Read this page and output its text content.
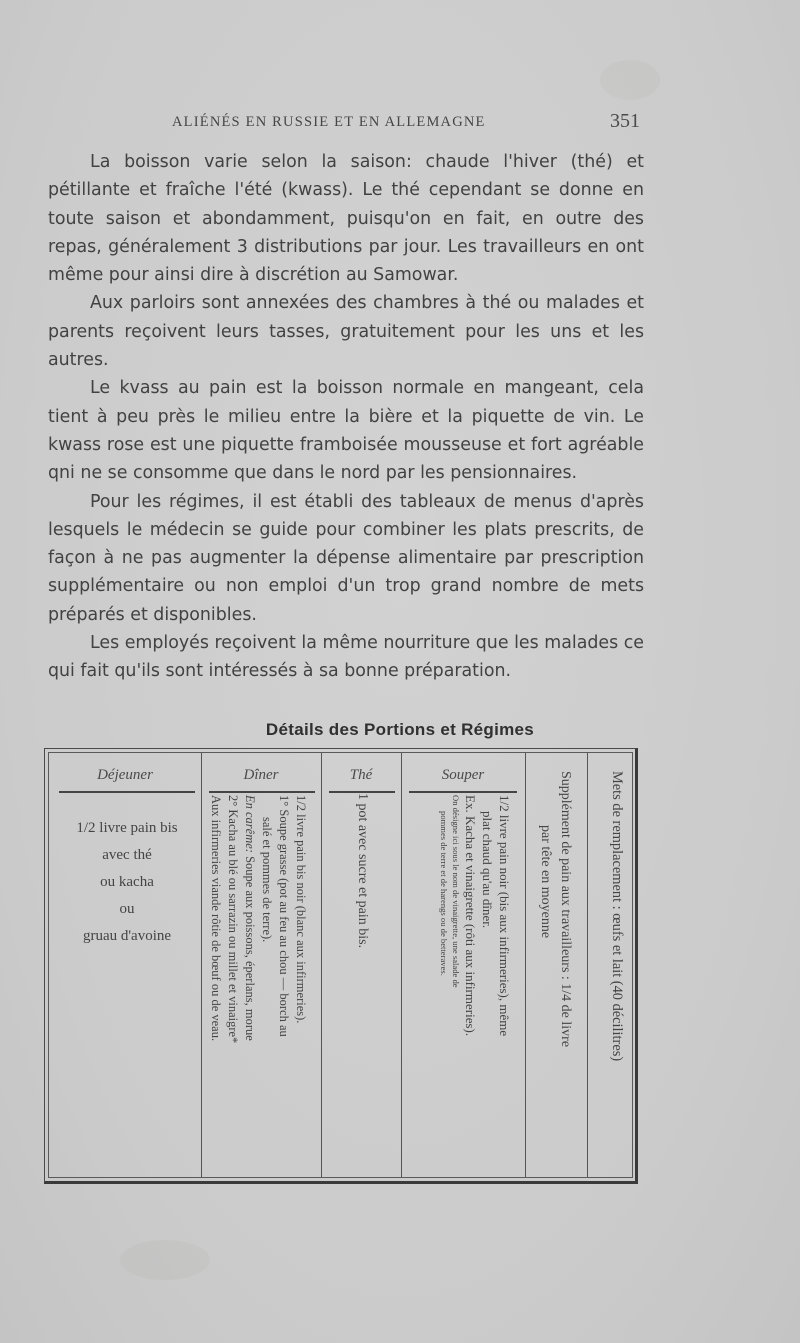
ALIÉNÉS EN RUSSIE ET EN ALLEMAGNE	351

La boisson varie selon la saison: chaude l'hiver (thé) et pétillante et fraîche l'été (kwass). Le thé cependant se donne en toute saison et abondamment, puisqu'on en fait, en outre des repas, généralement 3 distributions par jour. Les travailleurs en ont même pour ainsi dire à discrétion au Samowar.

Aux parloirs sont annexées des chambres à thé ou malades et parents reçoivent leurs tasses, gratuitement pour les uns et les autres.

Le kvass au pain est la boisson normale en mangeant, cela tient à peu près le milieu entre la bière et la piquette de vin. Le kwass rose est une piquette framboisée mousseuse et fort agréable qni ne se consomme que dans le nord par les pensionnaires.

Pour les régimes, il est établi des tableaux de menus d'après lesquels le médecin se guide pour combiner les plats prescrits, de façon à ne pas augmenter la dépense alimentaire par prescription supplémentaire ou non emploi d'un trop grand nombre de mets préparés et disponibles.

Les employés reçoivent la même nourriture que les malades ce qui fait qu'ils sont intéressés à sa bonne préparation.

Détails des Portions et Régimes
Déjeuner	Dîner	Thé	Souper
1/2 livre pain bis
avec thé
ou kacha
ou
gruau d'avoine	1/2 livre pain bis noir (blanc aux infirmeries).
1° Soupe grasse (pot au feu au chou — borch au
salé et pommes de terre).
En carême: Soupe aux poissons, éperlans, morue
2° Kacha au blé ou sarrazin ou millet et vinaigre*
Aux infirmeries viande rôtie de bœuf ou de veau.	1 pot avec sucre et pain bis.	1/2 livre pain noir (bis aux infirmeries), même
plat chaud qu'au dîner.
Ex. Kacha et vinaigrette (rôti aux infirmeries).
On désigne ici sous le nom de vinaigrette, une salade de
pommes de terre et de harengs ou de betteraves.	Supplément de pain aux travailleurs : 1/4 de livre
par tête en moyenne	Mets de remplacement : œufs et lait (40 décilitres)
